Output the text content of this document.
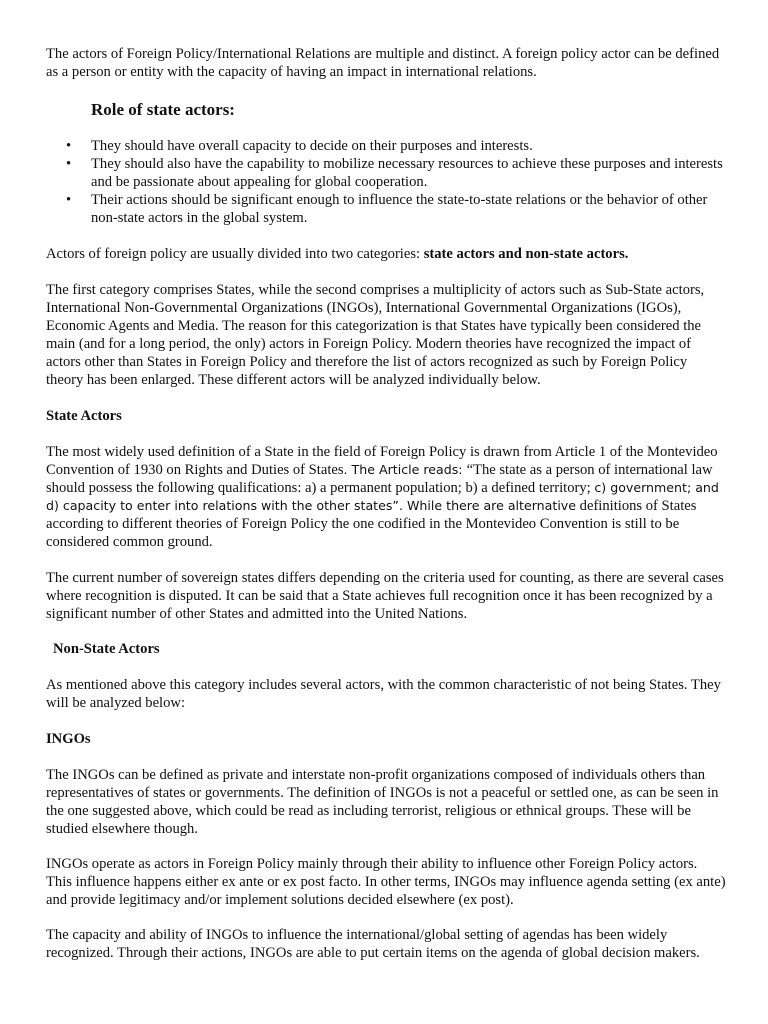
The actors of Foreign Policy/International Relations are multiple and distinct. A foreign policy actor can be defined as a person or entity with the capacity of having an impact in international relations.

Role of state actors:
• They should have overall capacity to decide on their purposes and interests.
• They should also have the capability to mobilize necessary resources to achieve these purposes and interests and be passionate about appealing for global cooperation.
• Their actions should be significant enough to influence the state-to-state relations or the behavior of other non-state actors in the global system.

Actors of foreign policy are usually divided into two categories: state actors and non-state actors.

The first category comprises States, while the second comprises a multiplicity of actors such as Sub-State actors, International Non-Governmental Organizations (INGOs), International Governmental Organizations (IGOs), Economic Agents and Media. The reason for this categorization is that States have typically been considered the main (and for a long period, the only) actors in Foreign Policy. Modern theories have recognized the impact of actors other than States in Foreign Policy and therefore the list of actors recognized as such by Foreign Policy theory has been enlarged. These different actors will be analyzed individually below.

State Actors

The most widely used definition of a State in the field of Foreign Policy is drawn from Article 1 of the Montevideo Convention of 1930 on Rights and Duties of States. The Article reads: “The state as a person of international law should possess the following qualifications: a) a permanent population; b) a defined territory; c) government; and d) capacity to enter into relations with the other states”. While there are alternative definitions of States according to different theories of Foreign Policy the one codified in the Montevideo Convention is still to be considered common ground.

The current number of sovereign states differs depending on the criteria used for counting, as there are several cases where recognition is disputed. It can be said that a State achieves full recognition once it has been recognized by a significant number of other States and admitted into the United Nations.

Non-State Actors

As mentioned above this category includes several actors, with the common characteristic of not being States. They will be analyzed below:

INGOs

The INGOs can be defined as private and interstate non-profit organizations composed of individuals others than representatives of states or governments. The definition of INGOs is not a peaceful or settled one, as can be seen in the one suggested above, which could be read as including terrorist, religious or ethnical groups. These will be studied elsewhere though.

INGOs operate as actors in Foreign Policy mainly through their ability to influence other Foreign Policy actors. This influence happens either ex ante or ex post facto. In other terms, INGOs may influence agenda setting (ex ante) and provide legitimacy and/or implement solutions decided elsewhere (ex post).

The capacity and ability of INGOs to influence the international/global setting of agendas has been widely recognized. Through their actions, INGOs are able to put certain items on the agenda of global decision makers.
